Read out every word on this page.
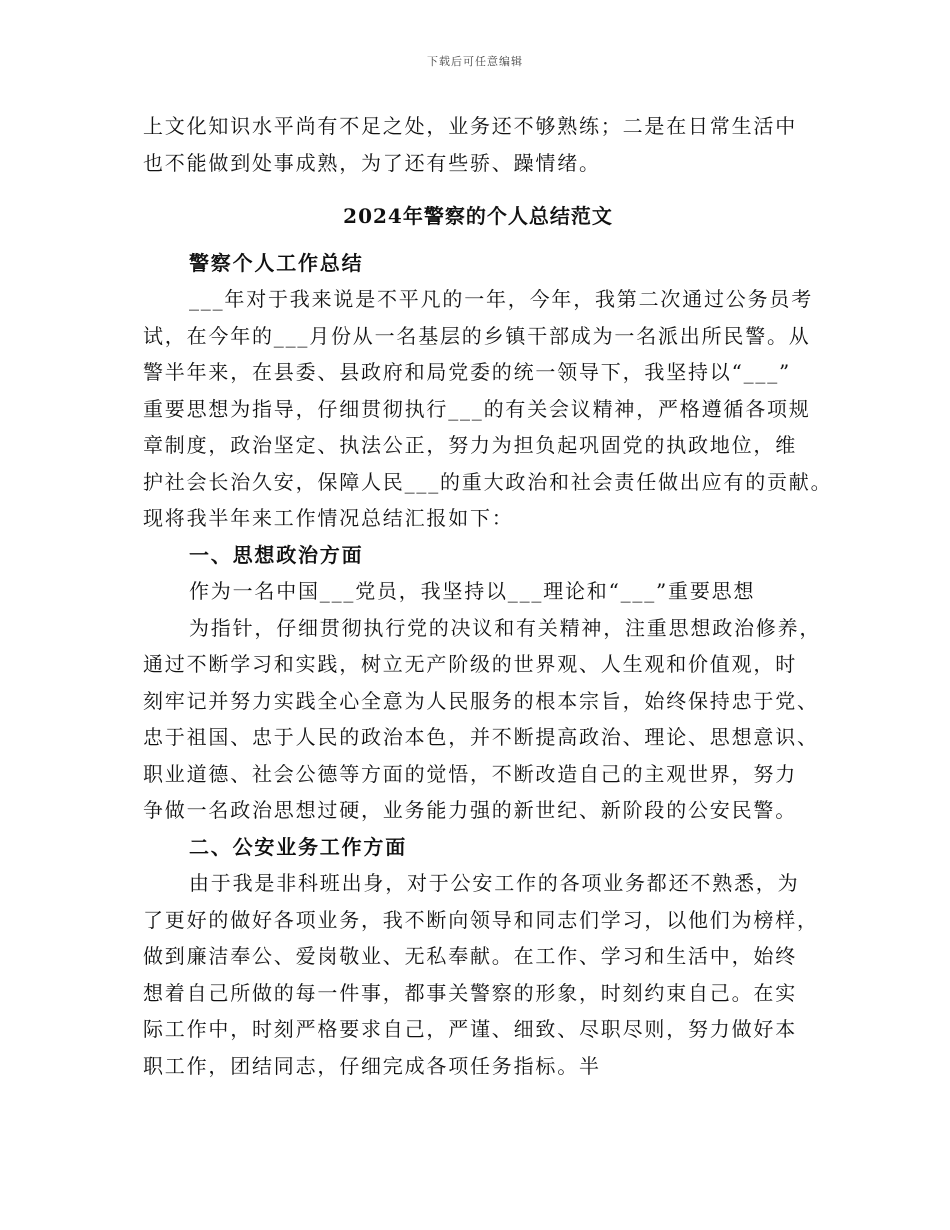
下载后可任意编辑

上文化知识水平尚有不足之处，业务还不够熟练；二是在日常生活中

也不能做到处事成熟，为了还有些骄、躁情绪。

2024年警察的个人总结范文

警察个人工作总结

___年对于我来说是不平凡的一年，今年，我第二次通过公务员考

试，在今年的___月份从一名基层的乡镇干部成为一名派出所民警。从

警半年来，在县委、县政府和局党委的统一领导下，我坚持以“___”

重要思想为指导，仔细贯彻执行___的有关会议精神，严格遵循各项规

章制度，政治坚定、执法公正，努力为担负起巩固党的执政地位，维

护社会长治久安，保障人民___的重大政治和社会责任做出应有的贡献。

现将我半年来工作情况总结汇报如下：

一、思想政治方面

作为一名中国___党员，我坚持以___理论和“___”重要思想

为指针，仔细贯彻执行党的决议和有关精神，注重思想政治修养，

通过不断学习和实践，树立无产阶级的世界观、人生观和价值观，时

刻牢记并努力实践全心全意为人民服务的根本宗旨，始终保持忠于党、

忠于祖国、忠于人民的政治本色，并不断提高政治、理论、思想意识、

职业道德、社会公德等方面的觉悟，不断改造自己的主观世界，努力

争做一名政治思想过硬，业务能力强的新世纪、新阶段的公安民警。

二、公安业务工作方面

由于我是非科班出身，对于公安工作的各项业务都还不熟悉，为

了更好的做好各项业务，我不断向领导和同志们学习，以他们为榜样，

做到廉洁奉公、爱岗敬业、无私奉献。在工作、学习和生活中，始终

想着自己所做的每一件事，都事关警察的形象，时刻约束自己。在实

际工作中，时刻严格要求自己，严谨、细致、尽职尽则，努力做好本

职工作，团结同志，仔细完成各项任务指标。半
